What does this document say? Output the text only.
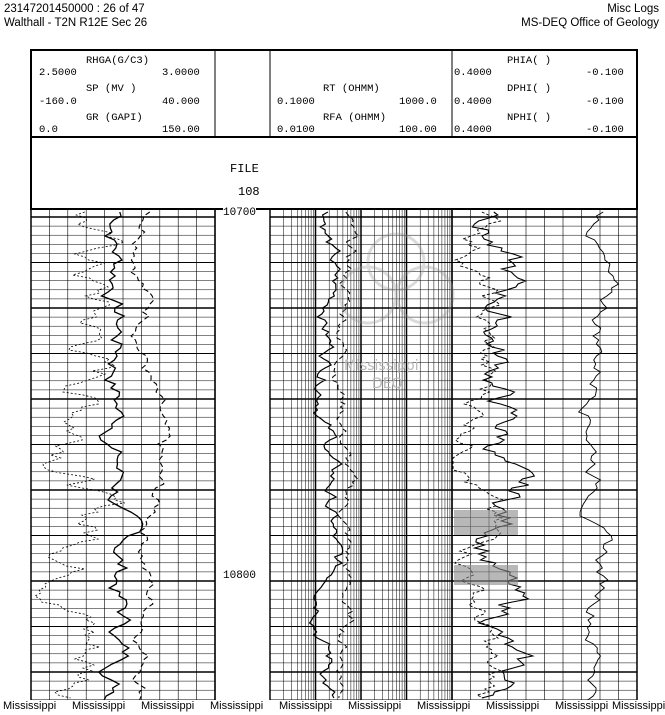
23147201450000 : 26 of 47
Walthall - T2N R12E Sec 26
Misc Logs
MS-DEQ Office of Geology
RHGA(G/C3)
2.5000	3.0000
SP (MV )
-160.0	40.000
GR (GAPI)
0.0	150.00
RT (OHMM)
0.1000	1000.0
RFA (OHMM)
0.0100	100.00
PHIA( )
0.4000	-0.100
DPHI( )
0.4000	-0.100
NPHI( )
0.4000	-0.100
FILE
108
10700
10800
Mississippi
DEQ
Mississippi Mississippi Mississippi Mississippi Mississippi Mississippi Mississippi Mississippi Mississippi Mississippi
